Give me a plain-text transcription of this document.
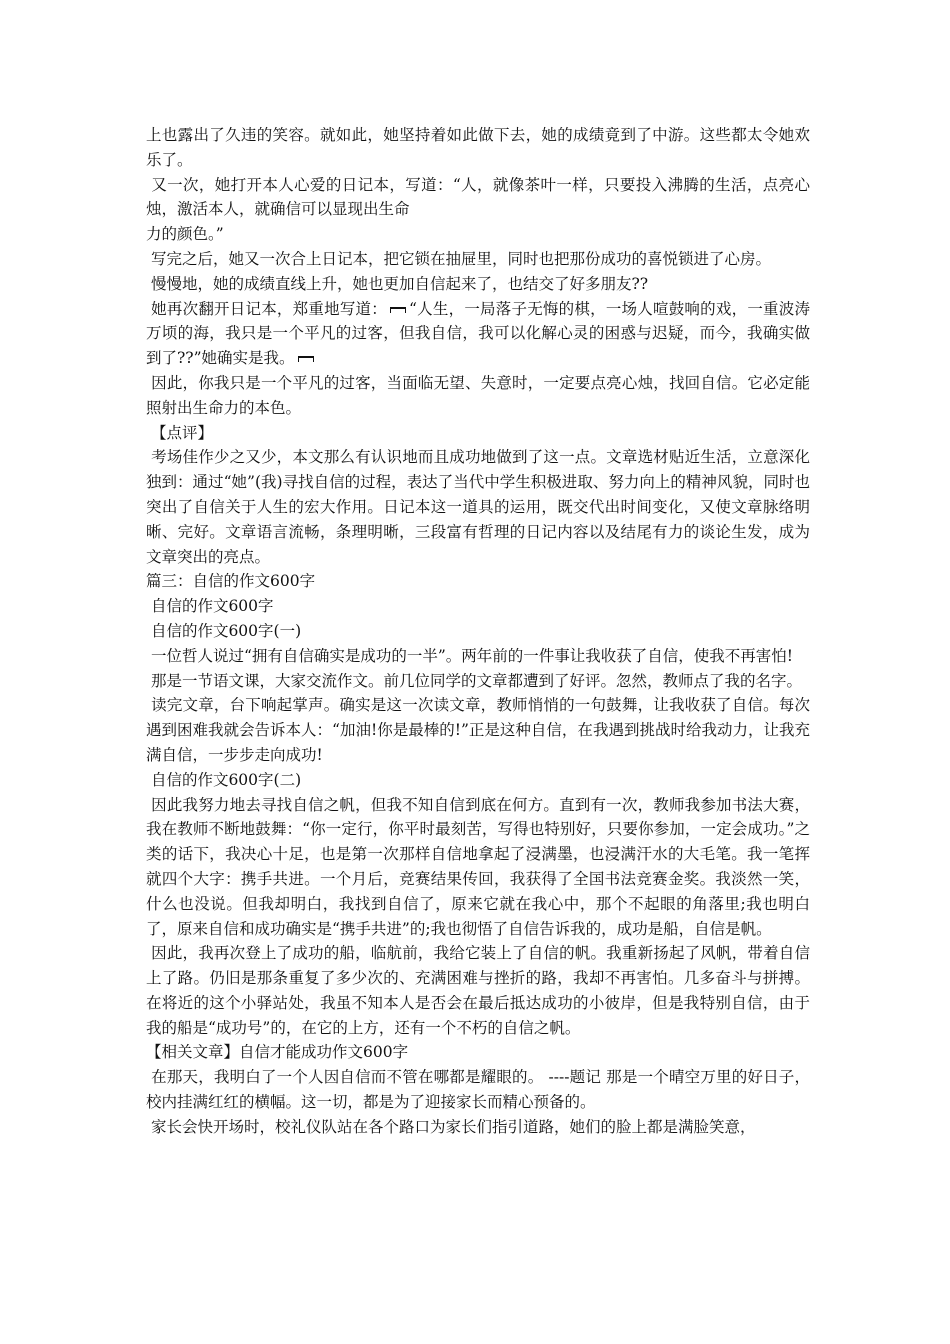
上也露出了久违的笑容。就如此，她坚持着如此做下去，她的成绩竟到了中游。这些都太令她欢乐了。

又一次，她打开本人心爱的日记本，写道：“人，就像茶叶一样，只要投入沸腾的生活，点亮心烛，激活本人，就确信可以显现出生命

力的颜色。”

写完之后，她又一次合上日记本，把它锁在抽屉里，同时也把那份成功的喜悦锁进了心房。

慢慢地，她的成绩直线上升，她也更加自信起来了，也结交了好多朋友??

她再次翻开日记本，郑重地写道： “人生，一局落子无悔的棋，一场人喧鼓响的戏，一重波涛万顷的海，我只是一个平凡的过客，但我自信，我可以化解心灵的困惑与迟疑，而今，我确实做到了??”她确实是我。

因此，你我只是一个平凡的过客，当面临无望、失意时，一定要点亮心烛，找回自信。它必定能照射出生命力的本色。

【点评】

考场佳作少之又少，本文那么有认识地而且成功地做到了这一点。文章选材贴近生活，立意深化独到：通过“她”(我)寻找自信的过程，表达了当代中学生积极进取、努力向上的精神风貌，同时也突出了自信关于人生的宏大作用。日记本这一道具的运用，既交代出时间变化，又使文章脉络明晰、完好。文章语言流畅，条理明晰，三段富有哲理的日记内容以及结尾有力的谈论生发，成为文章突出的亮点。

篇三：自信的作文600字

自信的作文600字

自信的作文600字(一)

一位哲人说过“拥有自信确实是成功的一半”。两年前的一件事让我收获了自信，使我不再害怕!

那是一节语文课，大家交流作文。前几位同学的文章都遭到了好评。忽然，教师点了我的名字。

读完文章，台下响起掌声。确实是这一次读文章，教师悄悄的一句鼓舞，让我收获了自信。每次遇到困难我就会告诉本人：“加油!你是最棒的!”正是这种自信，在我遇到挑战时给我动力，让我充满自信，一步步走向成功!

自信的作文600字(二)

因此我努力地去寻找自信之帆，但我不知自信到底在何方。直到有一次，教师我参加书法大赛，我在教师不断地鼓舞：“你一定行，你平时最刻苦，写得也特别好，只要你参加，一定会成功。”之类的话下，我决心十足，也是第一次那样自信地拿起了浸满墨，也浸满汗水的大毛笔。我一笔挥就四个大字：携手共进。一个月后，竞赛结果传回，我获得了全国书法竞赛金奖。我淡然一笑，什么也没说。但我却明白，我找到自信了，原来它就在我心中，那个不起眼的角落里;我也明白了，原来自信和成功确实是“携手共进”的;我也彻悟了自信告诉我的，成功是船，自信是帆。

因此，我再次登上了成功的船，临航前，我给它装上了自信的帆。我重新扬起了风帆，带着自信上了路。仍旧是那条重复了多少次的、充满困难与挫折的路，我却不再害怕。几多奋斗与拼搏。在将近的这个小驿站处，我虽不知本人是否会在最后抵达成功的小彼岸，但是我特别自信，由于我的船是“成功号”的，在它的上方，还有一个不朽的自信之帆。

【相关文章】自信才能成功作文600字

在那天，我明白了一个人因自信而不管在哪都是耀眼的。 ----题记 那是一个晴空万里的好日子，校内挂满红红的横幅。这一切，都是为了迎接家长而精心预备的。

家长会快开场时，校礼仪队站在各个路口为家长们指引道路，她们的脸上都是满脸笑意，
